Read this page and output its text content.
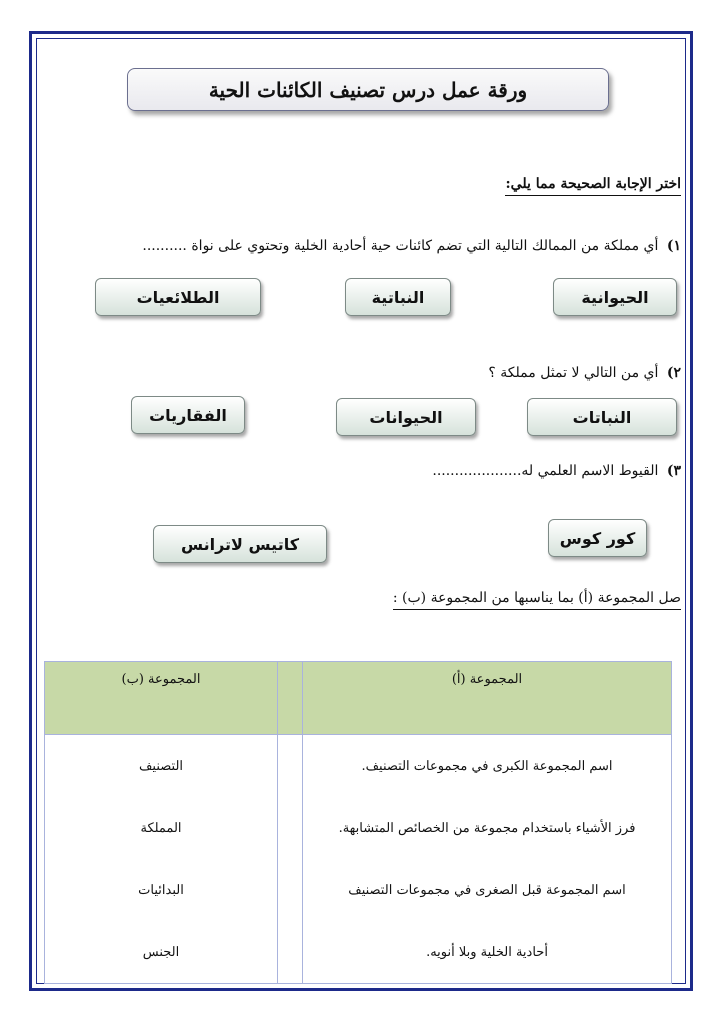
ورقة عمل درس تصنيف الكائنات الحية
اختر الإجابة الصحيحة مما يلي:
١) أي مملكة من الممالك التالية التي تضم كائنات حية أحادية الخلية وتحتوي على نواة ..........
الحيوانية
النباتية
الطلائعيات
٢) أي من التالي لا تمثل مملكة ؟
النباتات
الحيوانات
الفقاريات
٣) القيوط الاسم العلمي له....................
كور كوس
كاتيس لاترانس
صل المجموعة (أ) بما يناسبها من المجموعة (ب) :
المجموعة (أ)		المجموعة (ب)
اسم المجموعة الكبرى في مجموعات التصنيف.		التصنيف
فرز الأشياء باستخدام مجموعة من الخصائص المتشابهة.		المملكة
اسم المجموعة قبل الصغرى في مجموعات التصنيف		البدائيات
أحادية الخلية وبلا أنويه.		الجنس
